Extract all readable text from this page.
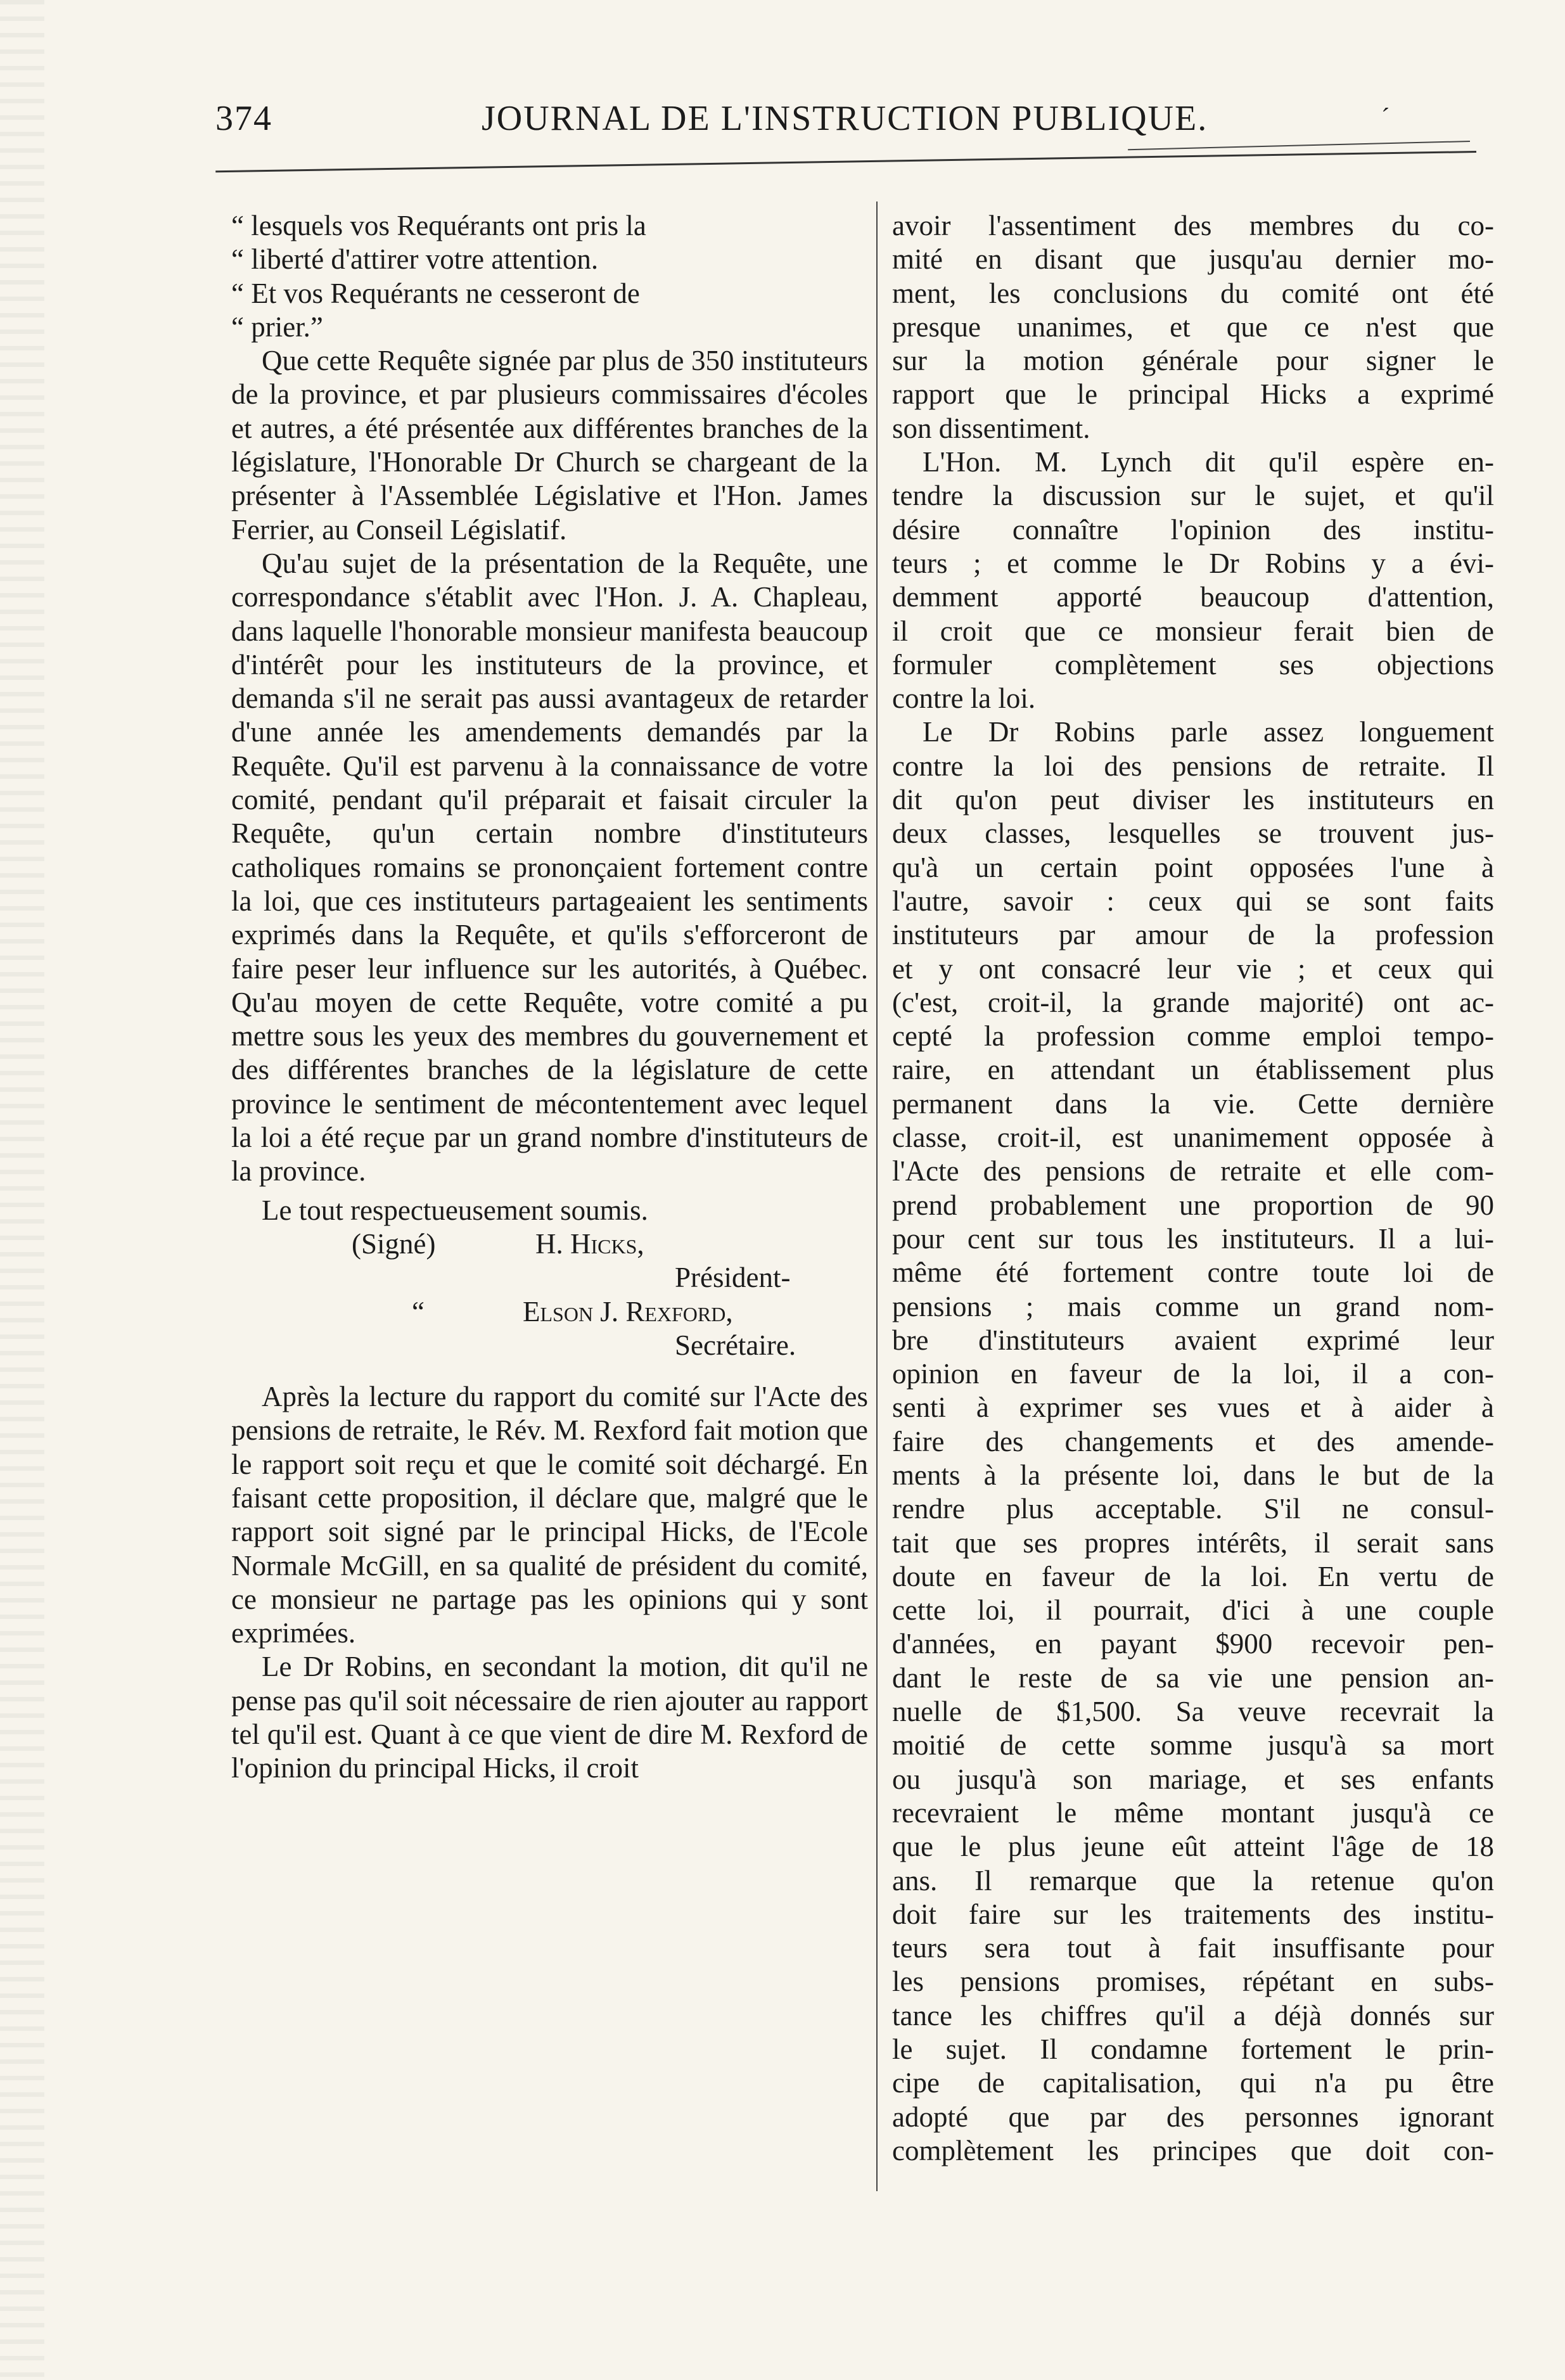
374	JOURNAL DE L'INSTRUCTION PUBLIQUE.	´
“ lesquels vos Requérants ont pris la
“ liberté d'attirer votre attention.
“ Et vos Requérants ne cesseront de
“ prier.”

Que cette Requête signée par plus de 350 instituteurs de la province, et par plusieurs commissaires d'écoles et autres, a été présentée aux différentes branches de la législature, l'Honorable Dr Church se chargeant de la présenter à l'Assemblée Législative et l'Hon. James Ferrier, au Conseil Législatif.

Qu'au sujet de la présentation de la Requête, une correspondance s'établit avec l'Hon. J. A. Chapleau, dans laquelle l'honorable monsieur manifesta beaucoup d'intérêt pour les instituteurs de la province, et demanda s'il ne serait pas aussi avantageux de retarder d'une année les amendements demandés par la Requête. Qu'il est parvenu à la connaissance de votre comité, pendant qu'il préparait et faisait circuler la Requête, qu'un certain nombre d'instituteurs catholiques romains se prononçaient fortement contre la loi, que ces instituteurs partageaient les sentiments exprimés dans la Requête, et qu'ils s'efforceront de faire peser leur influence sur les autorités, à Québec. Qu'au moyen de cette Requête, votre comité a pu mettre sous les yeux des membres du gouvernement et des différentes branches de la législature de cette province le sentiment de mécontentement avec lequel la loi a été reçue par un grand nombre d'instituteurs de la province.

Le tout respectueusement soumis.

(Signé)	H. Hicks,
Président-
“	Elson J. Rexford,
Secrétaire.

Après la lecture du rapport du comité sur l'Acte des pensions de retraite, le Rév. M. Rexford fait motion que le rapport soit reçu et que le comité soit déchargé. En faisant cette proposition, il déclare que, malgré que le rapport soit signé par le principal Hicks, de l'Ecole Normale McGill, en sa qualité de président du comité, ce monsieur ne partage pas les opinions qui y sont exprimées.

Le Dr Robins, en secondant la motion, dit qu'il ne pense pas qu'il soit nécessaire de rien ajouter au rapport tel qu'il est. Quant à ce que vient de dire M. Rexford de l'opinion du principal Hicks, il croit

avoir l'assentiment des membres du co-
mité en disant que jusqu'au dernier mo-
ment, les conclusions du comité ont été
presque unanimes, et que ce n'est que
sur la motion générale pour signer le
rapport que le principal Hicks a exprimé
son dissentiment.
L'Hon. M. Lynch dit qu'il espère en-
tendre la discussion sur le sujet, et qu'il
désire connaître l'opinion des institu-
teurs ; et comme le Dr Robins y a évi-
demment apporté beaucoup d'attention,
il croit que ce monsieur ferait bien de
formuler complètement ses objections
contre la loi.
Le Dr Robins parle assez longuement
contre la loi des pensions de retraite. Il
dit qu'on peut diviser les instituteurs en
deux classes, lesquelles se trouvent jus-
qu'à un certain point opposées l'une à
l'autre, savoir : ceux qui se sont faits
instituteurs par amour de la profession
et y ont consacré leur vie ; et ceux qui
(c'est, croit-il, la grande majorité) ont ac-
cepté la profession comme emploi tempo-
raire, en attendant un établissement plus
permanent dans la vie. Cette dernière
classe, croit-il, est unanimement opposée à
l'Acte des pensions de retraite et elle com-
prend probablement une proportion de 90
pour cent sur tous les instituteurs. Il a lui-
même été fortement contre toute loi de
pensions ; mais comme un grand nom-
bre d'instituteurs avaient exprimé leur
opinion en faveur de la loi, il a con-
senti à exprimer ses vues et à aider à
faire des changements et des amende-
ments à la présente loi, dans le but de la
rendre plus acceptable. S'il ne consul-
tait que ses propres intérêts, il serait sans
doute en faveur de la loi. En vertu de
cette loi, il pourrait, d'ici à une couple
d'années, en payant $900 recevoir pen-
dant le reste de sa vie une pension an-
nuelle de $1,500. Sa veuve recevrait la
moitié de cette somme jusqu'à sa mort
ou jusqu'à son mariage, et ses enfants
recevraient le même montant jusqu'à ce
que le plus jeune eût atteint l'âge de 18
ans. Il remarque que la retenue qu'on
doit faire sur les traitements des institu-
teurs sera tout à fait insuffisante pour
les pensions promises, répétant en subs-
tance les chiffres qu'il a déjà donnés sur
le sujet. Il condamne fortement le prin-
cipe de capitalisation, qui n'a pu être
adopté que par des personnes ignorant
complètement les principes que doit con-
